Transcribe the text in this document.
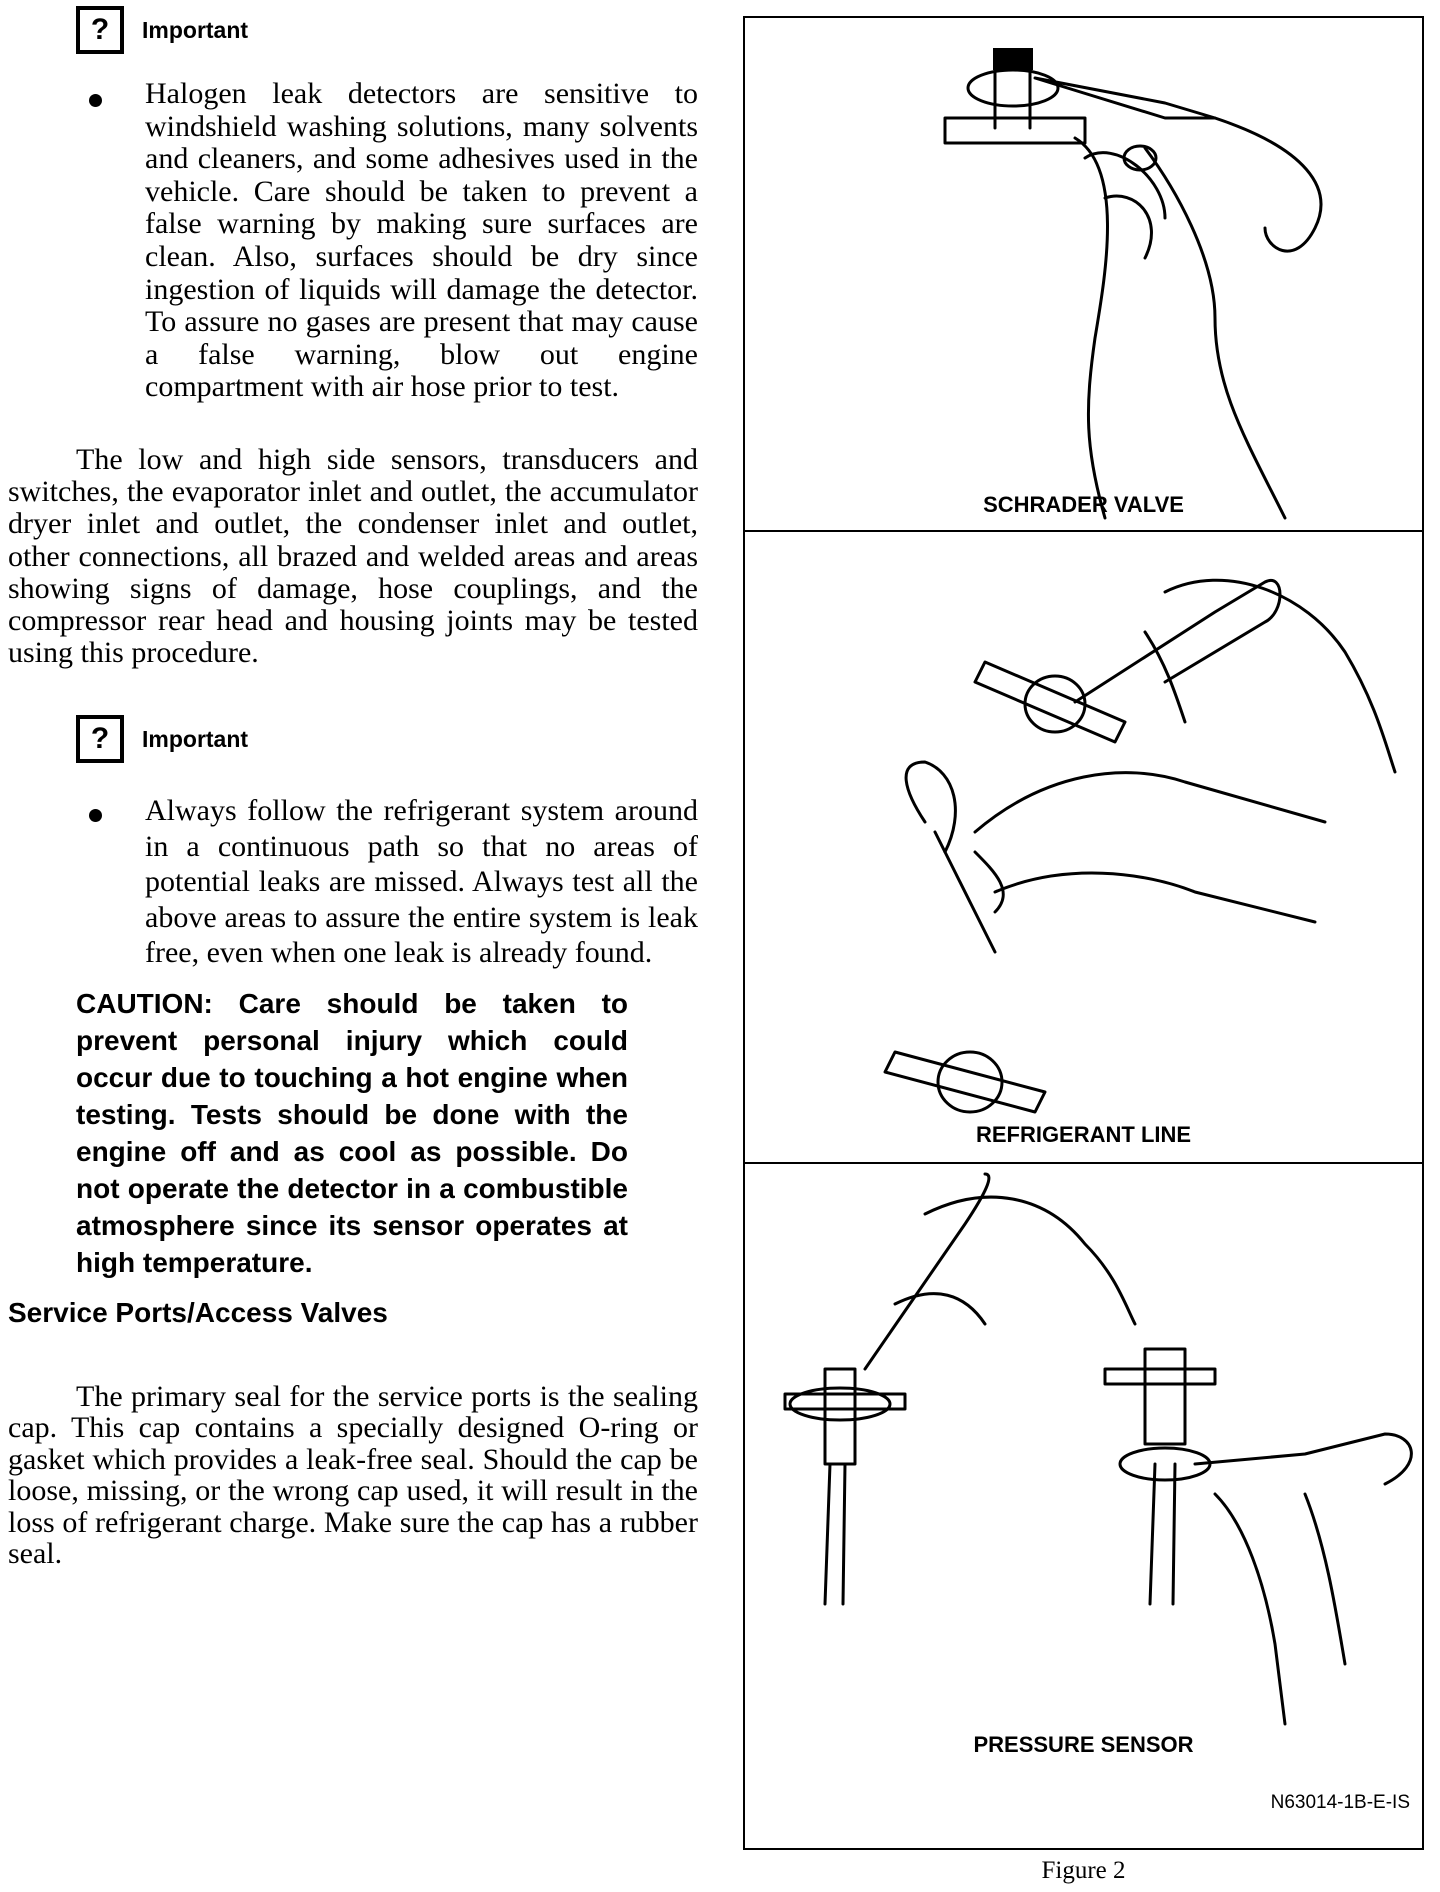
? Important

Halogen leak detectors are sensitive to windshield washing solutions, many solvents and cleaners, and some adhesives used in the vehicle. Care should be taken to prevent a false warning by making sure surfaces are clean. Also, surfaces should be dry since ingestion of liquids will damage the detector. To assure no gases are present that may cause a false warning, blow out engine compartment with air hose prior to test.

The low and high side sensors, transducers and switches, the evaporator inlet and outlet, the accumulator dryer inlet and outlet, the condenser inlet and outlet, other connections, all brazed and welded areas and areas showing signs of damage, hose couplings, and the compressor rear head and housing joints may be tested using this procedure.

? Important

Always follow the refrigerant system around in a continuous path so that no areas of potential leaks are missed. Always test all the above areas to assure the entire system is leak free, even when one leak is already found.

CAUTION: Care should be taken to prevent personal injury which could occur due to touching a hot engine when testing. Tests should be done with the engine off and as cool as possible. Do not operate the detector in a combustible atmosphere since its sensor operates at high temperature.

Service Ports/Access Valves

The primary seal for the service ports is the sealing cap. This cap contains a specially designed O-ring or gasket which provides a leak-free seal. Should the cap be loose, missing, or the wrong cap used, it will result in the loss of refrigerant charge. Make sure the cap has a rubber seal.

SCHRADER VALVE
REFRIGERANT LINE
PRESSURE SENSOR
N63014-1B-E-IS
Figure 2
